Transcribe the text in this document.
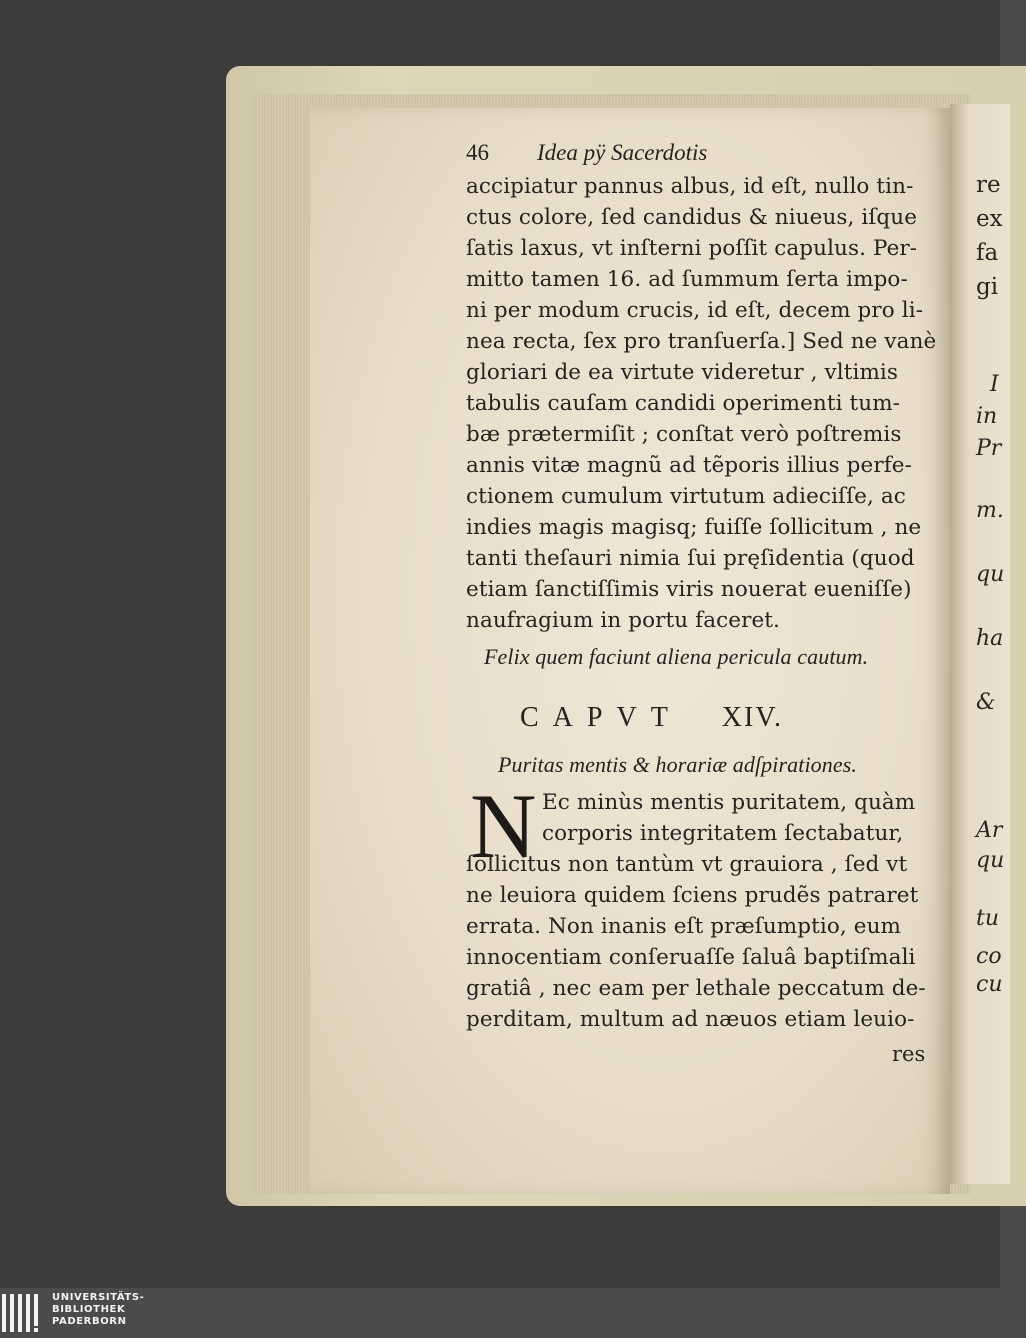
re
ex
fa
gi
I
in
Pr
m.
qu
ha
&
Ar
qu
tu
co
cu
46 Idea pÿ Sacerdotis
accipiatur pannus albus, id eſt, nullo tin-
ctus colore, ſed candidus & niueus, iſque
ſatis laxus, vt inſterni poſſit capulus. Per-
mitto tamen 16. ad ſummum ſerta impo-
ni per modum crucis, id eſt, decem pro li-
nea recta, ſex pro tranſuerſa.] Sed ne vanè
gloriari de ea virtute videretur , vltimis
tabulis cauſam candidi operimenti tum-
bæ prætermiſit ; conſtat verò poſtremis
annis vitæ magnũ ad tẽporis illius perfe-
ctionem cumulum virtutum adieciſſe, ac
indies magis magisq; fuiſſe ſollicitum , ne
tanti theſauri nimia ſui pręſidentia (quod
etiam ſanctiſſimis viris nouerat eueniſſe)
naufragium in portu faceret.
Felix quem faciunt aliena pericula cautum.
CAPVT XIV.
Puritas mentis & horariæ adſpirationes.
N Ec minùs mentis puritatem, quàm
corporis integritatem ſectabatur,
ſollicitus non tantùm vt grauiora , ſed vt
ne leuiora quidem ſciens prudẽs patraret
errata. Non inanis eſt præſumptio, eum
innocentiam conſeruaſſe ſaluâ baptiſmali
gratiâ , nec eam per lethale peccatum de-
perditam, multum ad næuos etiam leuio-
res
UNIVERSITÄTS-
BIBLIOTHEK
PADERBORN
